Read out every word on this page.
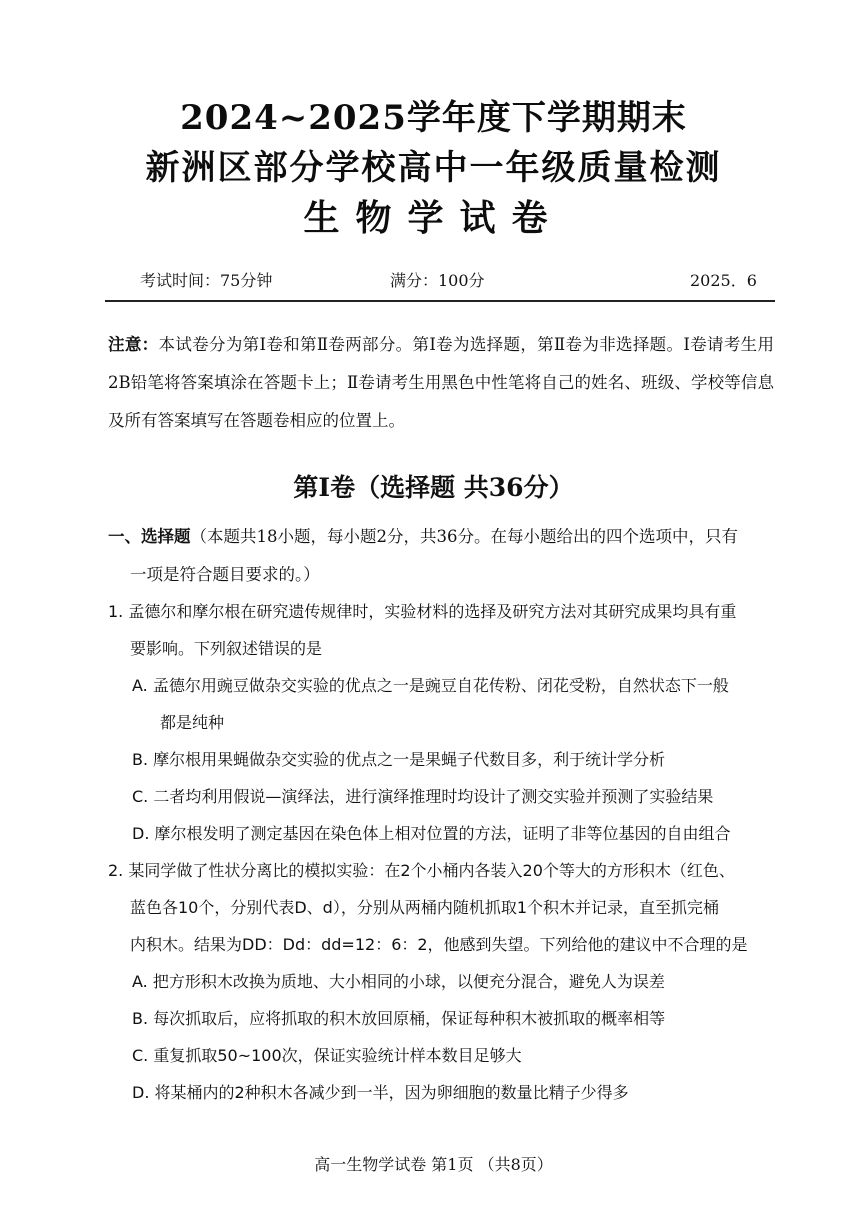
2024~2025学年度下学期期末
新洲区部分学校高中一年级质量检测
生物学试卷
考试时间：75分钟	满分：100分	2025．6
注意：本试卷分为第Ⅰ卷和第Ⅱ卷两部分。第Ⅰ卷为选择题，第Ⅱ卷为非选择题。Ⅰ卷请考生用2B铅笔将答案填涂在答题卡上；Ⅱ卷请考生用黑色中性笔将自己的姓名、班级、学校等信息及所有答案填写在答题卷相应的位置上。
第Ⅰ卷（选择题 共36分）
一、选择题（本题共18小题，每小题2分，共36分。在每小题给出的四个选项中，只有
一项是符合题目要求的。）
1. 孟德尔和摩尔根在研究遗传规律时，实验材料的选择及研究方法对其研究成果均具有重
要影响。下列叙述错误的是
A. 孟德尔用豌豆做杂交实验的优点之一是豌豆自花传粉、闭花受粉，自然状态下一般
都是纯种
B. 摩尔根用果蝇做杂交实验的优点之一是果蝇子代数目多，利于统计学分析
C. 二者均利用假说—演绎法，进行演绎推理时均设计了测交实验并预测了实验结果
D. 摩尔根发明了测定基因在染色体上相对位置的方法，证明了非等位基因的自由组合
2. 某同学做了性状分离比的模拟实验：在2个小桶内各装入20个等大的方形积木（红色、
蓝色各10个，分别代表D、d），分别从两桶内随机抓取1个积木并记录，直至抓完桶
内积木。结果为DD：Dd：dd=12：6：2，他感到失望。下列给他的建议中不合理的是
A. 把方形积木改换为质地、大小相同的小球，以便充分混合，避免人为误差
B. 每次抓取后，应将抓取的积木放回原桶，保证每种积木被抓取的概率相等
C. 重复抓取50~100次，保证实验统计样本数目足够大
D. 将某桶内的2种积木各减少到一半，因为卵细胞的数量比精子少得多
高一生物学试卷 第1页 （共8页）
